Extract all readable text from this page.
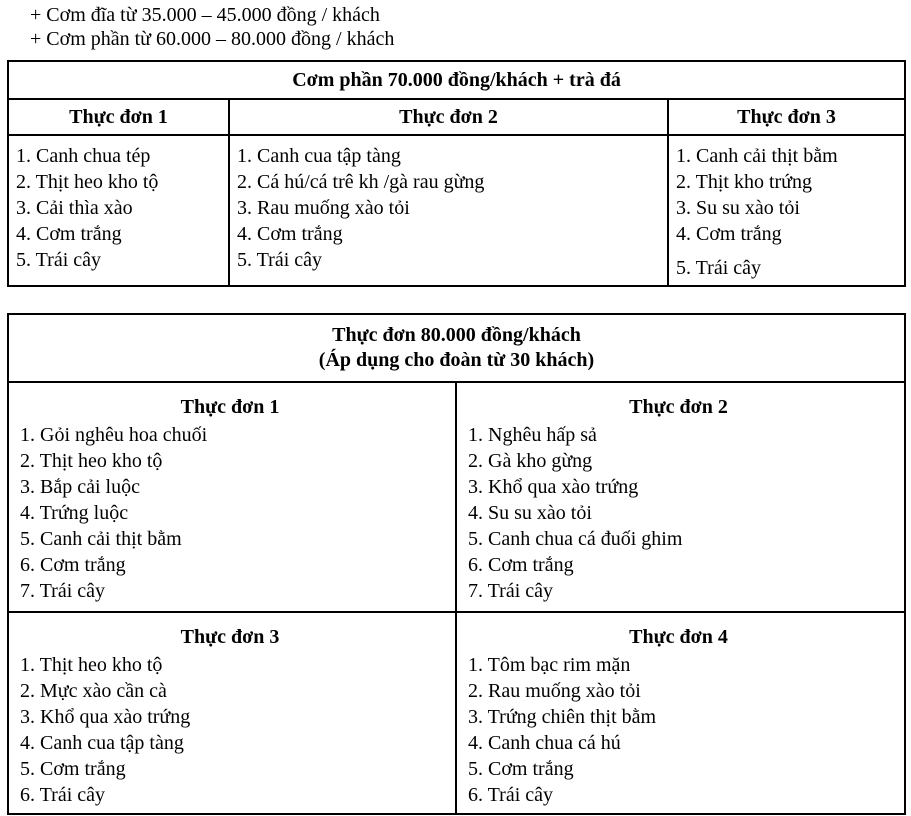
+ Cơm đĩa từ 35.000 – 45.000 đồng / khách
+ Cơm phần từ 60.000 – 80.000 đồng / khách
Cơm phần 70.000 đồng/khách + trà đá		
Thực đơn 1	Thực đơn 2	Thực đơn 3

1. Canh chua tép
2. Thịt heo kho tộ
3. Cải thìa xào
4. Cơm trắng
5. Trái cây

1. Canh cua tập tàng
2. Cá hú/cá trê kh /gà rau gừng
3. Rau muống xào tỏi
4. Cơm trắng
5. Trái cây

1. Canh cải thịt bằm
2. Thịt kho trứng
3. Su su xào tỏi
4. Cơm trắng
5. Trái cây
Thực đơn 80.000 đồng/khách
(Áp dụng cho đoàn từ 30 khách)	

Thực đơn 1
1. Gỏi nghêu hoa chuối
2. Thịt heo kho tộ
3. Bắp cải luộc
4. Trứng luộc
5. Canh cải thịt bằm
6. Cơm trắng
7. Trái cây

Thực đơn 2
1. Nghêu hấp sả
2. Gà kho gừng
3. Khổ qua xào trứng
4. Su su xào tỏi
5. Canh chua cá đuối ghim
6. Cơm trắng
7. Trái cây

Thực đơn 3
1. Thịt heo kho tộ
2. Mực xào cần cà
3. Khổ qua xào trứng
4. Canh cua tập tàng
5. Cơm trắng
6. Trái cây

Thực đơn 4
1. Tôm bạc rim mặn
2. Rau muống xào tỏi
3. Trứng chiên thịt bằm
4. Canh chua cá hú
5. Cơm trắng
6. Trái cây
